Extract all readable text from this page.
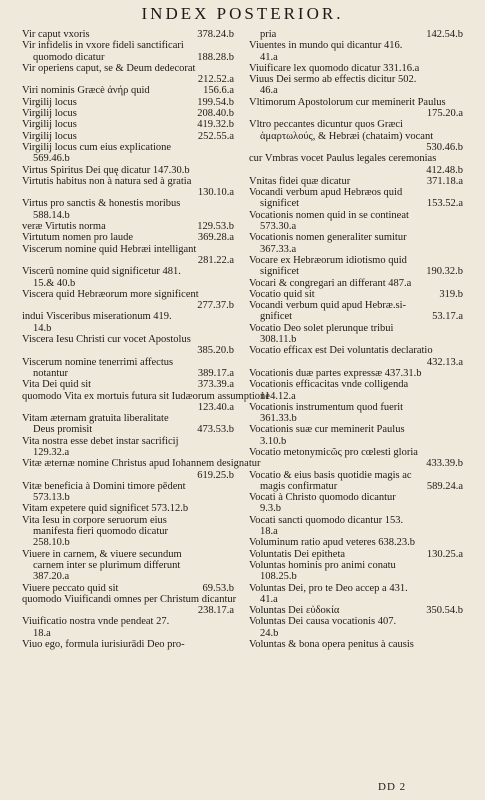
INDEX POSTERIOR.
Vir caput vxoris	378.24.b
Vir infidelis in vxore fideli sanctificari
quomodo dicatur	188.28.b
Vir operiens caput, se & Deum dedecorat
212.52.a
Viri nominis Græcè ἀνήρ quid	156.6.a
Virgilij locus	199.54.b
Virgilij locus	208.40.b
Virgilij locus	419.32.b
Virgilij locus	252.55.a
Virgilij locus cum eius explicatione
569.46.b
Virtus Spiritus Dei quę dicatur 147.30.b
Virtutis habitus non à natura sed à gratia
130.10.a
Virtus pro sanctis & honestis moribus
588.14.b
veræ Virtutis norma	129.53.b
Virtutum nomen pro laude	369.28.a
Viscerum nomine quid Hebræi intelligant
281.22.a
Viscerũ nomine quid significetur 481.
15.& 40.b
Viscera quid Hebræorum more significent
277.37.b
indui Visceribus miserationum 419.
14.b
Viscera Iesu Christi cur vocet Apostolus
385.20.b
Viscerum nomine tenerrimi affectus
notantur	389.17.a
Vita Dei quid sit	373.39.a
quomodo Vita ex mortuis futura sit Iudæorum assumptione
123.40.a
Vitam æternam gratuita liberalitate
Deus promisit	473.53.b
Vita nostra esse debet instar sacrificij
129.32.a
Vitæ æternæ nomine Christus apud Iohannem designatur
619.25.b
Vitæ beneficia à Domini timore pēdent
573.13.b
Vitam expetere quid significet 573.12.b
Vita Iesu in corpore seruorum eius
manifesta fieri quomodo dicatur
258.10.b
Viuere in carnem, & viuere secundum
carnem inter se plurimum differunt
387.20.a
Viuere peccato quid sit	69.53.b
quomodo Viuificandi omnes per Christum dicantur
238.17.a
Viuificatio nostra vnde pendeat 27.
18.a
Viuo ego, formula iurisiurādi Deo pro-
pria	142.54.b
Viuentes in mundo qui dicantur 416.
41.a
Viuificare lex quomodo dicatur 331.16.a
Viuus Dei sermo ab effectis dicitur 502.
46.a
Vltimorum Apostolorum cur meminerit Paulus
175.20.a
Vltro peccantes dicuntur quos Græci
ἁμαρτωλούς, & Hebræi (chataim) vocant
530.46.b
cur Vmbras vocet Paulus legales ceremonias
412.48.b
Vnitas fidei quæ dicatur	371.18.a
Vocandi verbum apud Hebræos quid
significet	153.52.a
Vocationis nomen quid in se contineat
573.30.a
Vocationis nomen generaliter sumitur
367.33.a
Vocare ex Hebræorum idiotismo quid
significet	190.32.b
Vocari & congregari an differant 487.a
Vocatio quid sit	319.b
Vocandi verbum quid apud Hebræ.si-
gnificet	53.17.a
Vocatio Deo solet plerunque tribui
308.11.b
Vocatio efficax est Dei voluntatis declaratio
432.13.a
Vocationis duæ partes expressæ 437.31.b
Vocationis efficacitas vnde colligenda
114.12.a
Vocationis instrumentum quod fuerit
361.33.b
Vocationis suæ cur meminerit Paulus
3.10.b
Vocatio metonymicῶς pro cœlesti gloria
433.39.b
Vocatio & eius basis quotidie magis ac
magis confirmatur	589.24.a
Vocati à Christo quomodo dicantur
9.3.b
Vocati sancti quomodo dicantur 153.
18.a
Voluminum ratio apud veteres 638.23.b
Voluntatis Dei epitheta	130.25.a
Voluntas hominis pro animi conatu
108.25.b
Voluntas Dei, pro te Deo accep a 431.
41.a
Voluntas Dei εὐδοκία	350.54.b
Voluntas Dei causa vocationis 407.
24.b
Voluntas & bona opera penitus à causis
DD 2
